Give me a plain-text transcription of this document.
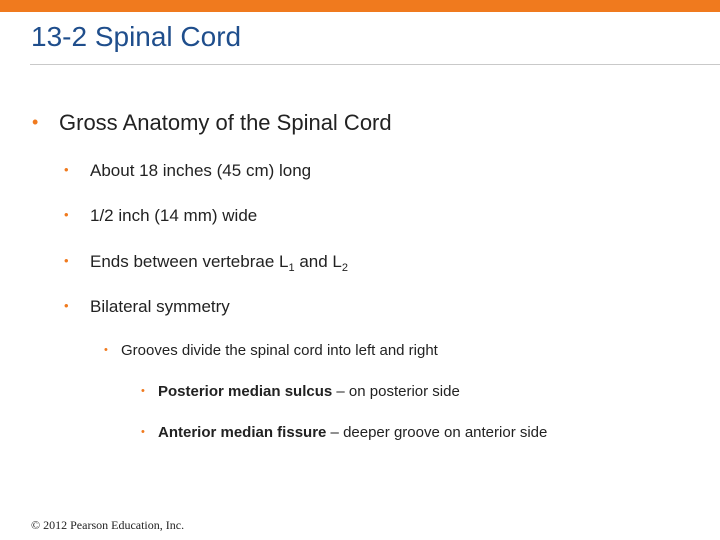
13-2 Spinal Cord
• Gross Anatomy of the Spinal Cord
• About 18 inches (45 cm) long
• 1/2 inch (14 mm) wide
• Ends between vertebrae $L_1$ and $L_2$
• Bilateral symmetry
• Grooves divide the spinal cord into left and right
• Posterior median sulcus – on posterior side
• Anterior median fissure – deeper groove on anterior side
© 2012 Pearson Education, Inc.
